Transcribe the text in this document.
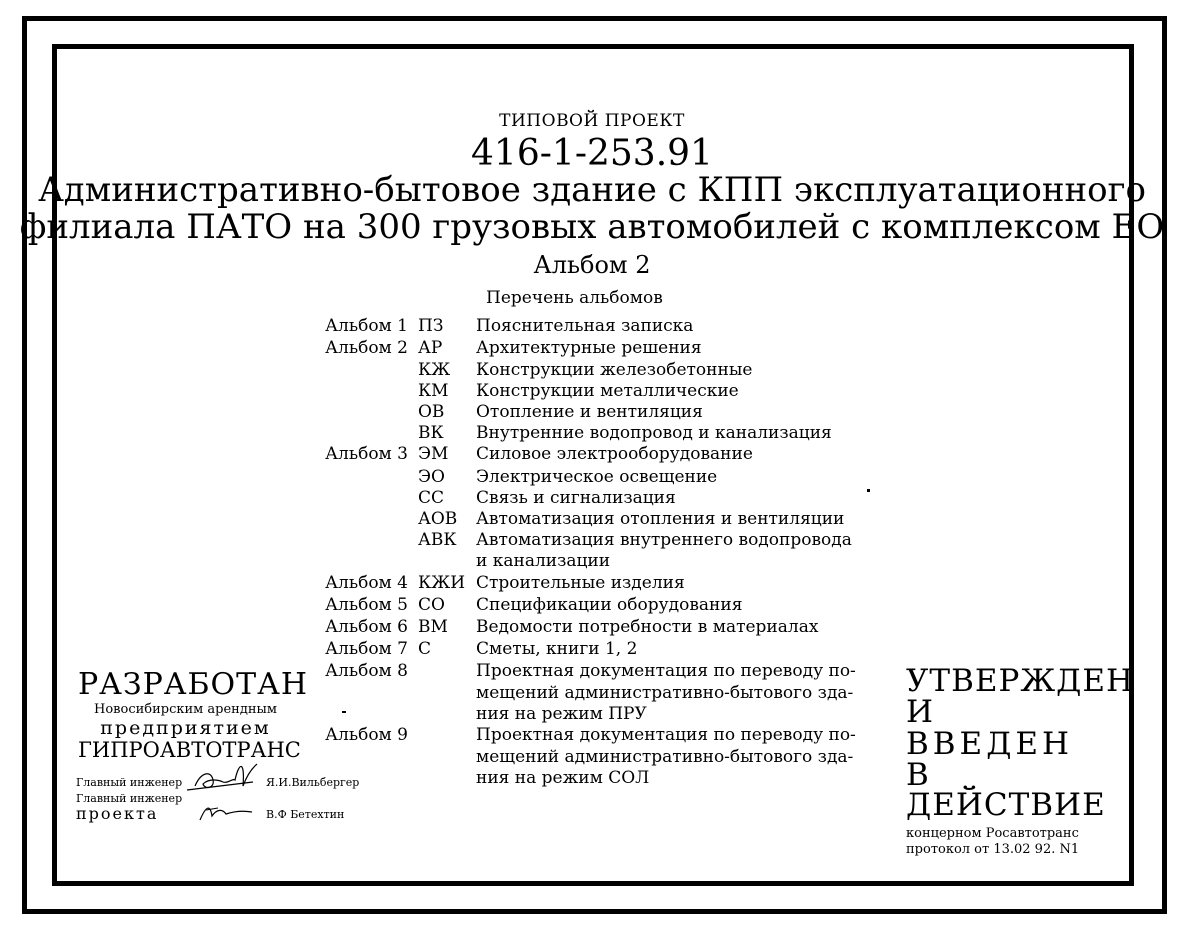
ТИПОВОЙ ПРОЕКТ
416-1-253.91
Административно-бытовое здание с КПП эксплуатационного
филиала ПАТО на 300 грузовых автомобилей с комплексом ЕО
Альбом 2
Перечень альбомов
Альбом 1 ПЗ	Пояснительная записка
Альбом 2 АР	Архитектурные решения
КЖ	Конструкции железобетонные
КМ	Конструкции металлические
ОВ	Отопление и вентиляция
ВК	Внутренние водопровод и канализация
Альбом 3 ЭМ	Силовое электрооборудование
ЭО	Электрическое освещение
СС	Связь и сигнализация
АОВ	Автоматизация отопления и вентиляции
АВК	Автоматизация внутреннего водопровода
и канализации
Альбом 4 КЖИ Строительные изделия
Альбом 5 СО	Спецификации оборудования
Альбом 6 ВМ	Ведомости потребности в материалах
Альбом 7 С	Сметы, книги 1, 2
Альбом 8	Проектная документация по переводу по-
мещений административно-бытового зда-
ния на режим ПРУ
Альбом 9	Проектная документация по переводу по-
мещений административно-бытового зда-
ния на режим СОЛ
РАЗРАБОТАН
Новосибирским арендным
предприятием
ГИПРОАВТОТРАНС
Главный инженер	Я.И.Вильбергер
Главный инженер
проекта	В.Ф Бетехтин
УТВЕРЖДЕН
И ВВЕДЕН
В ДЕЙСТВИЕ
концерном Росавтотранс
протокол от 13.02 92. N1
